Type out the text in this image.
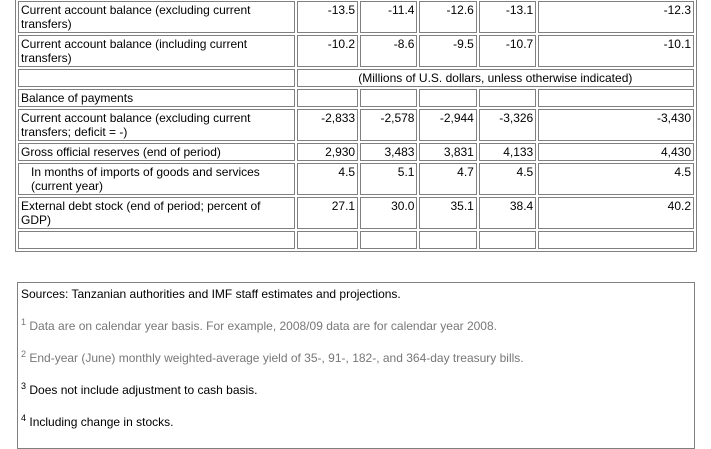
Current account balance (excluding current transfers)	-13.5	-11.4	-12.6	-13.1	-12.3
Current account balance (including current transfers)	-10.2	-8.6	-9.5	-10.7	-10.1
	(Millions of U.S. dollars, unless otherwise indicated)				
Balance of payments					
Current account balance (excluding current transfers; deficit = -)	-2,833	-2,578	-2,944	-3,326	-3,430
Gross official reserves (end of period)	2,930	3,483	3,831	4,133	4,430
In months of imports of goods and services (current year)	4.5	5.1	4.7	4.5	4.5
External debt stock (end of period; percent of GDP)	27.1	30.0	35.1	38.4	40.2

Sources: Tanzanian authorities and IMF staff estimates and projections.

$^1$ Data are on calendar year basis. For example, 2008/09 data are for calendar year 2008.

$^2$ End-year (June) monthly weighted-average yield of 35-, 91-, 182-, and 364-day treasury bills.

$^3$ Does not include adjustment to cash basis.

$^4$ Including change in stocks.
